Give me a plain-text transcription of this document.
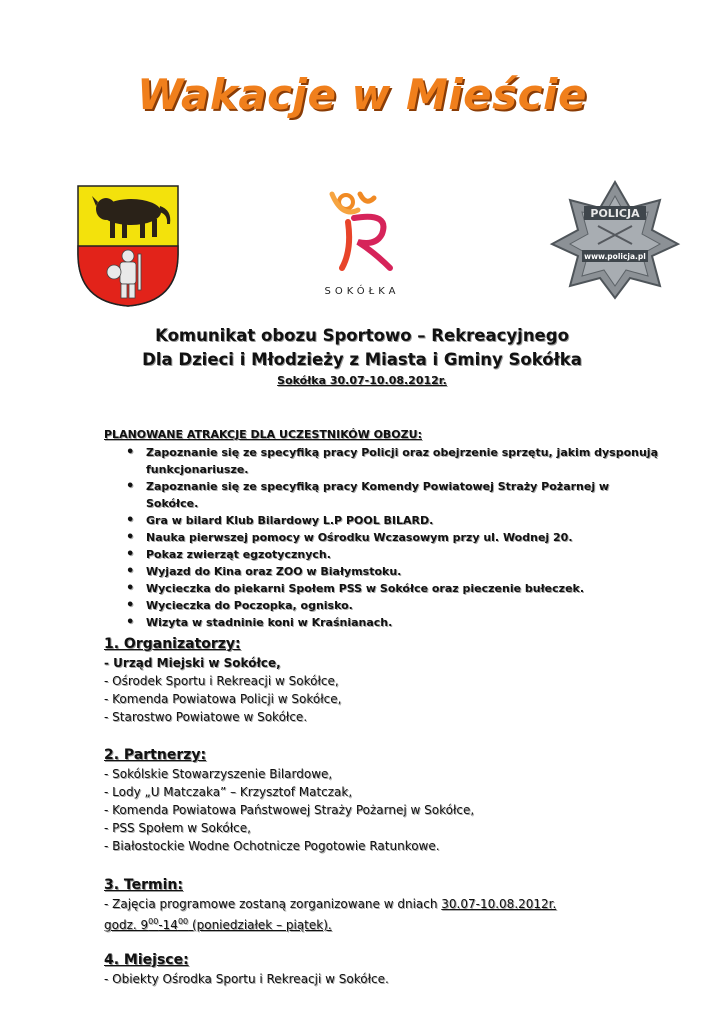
Wakacje w Mieście
SOKÓŁKA
POLICJA
www.policja.pl
Komunikat obozu Sportowo – Rekreacyjnego
Dla Dzieci i Młodzieży z Miasta i Gminy Sokółka
Sokółka 30.07-10.08.2012r.
PLANOWANE ATRAKCJE DLA UCZESTNIKÓW OBOZU:
• Zapoznanie się ze specyfiką pracy Policji oraz obejrzenie sprzętu, jakim dysponują funkcjonariusze.
• Zapoznanie się ze specyfiką pracy Komendy Powiatowej Straży Pożarnej w Sokółce.
• Gra w bilard Klub Bilardowy L.P POOL BILARD.
• Nauka pierwszej pomocy w Ośrodku Wczasowym przy ul. Wodnej 20.
• Pokaz zwierząt egzotycznych.
• Wyjazd do Kina oraz ZOO w Białymstoku.
• Wycieczka do piekarni Społem PSS w Sokółce oraz pieczenie bułeczek.
• Wycieczka do Poczopka, ognisko.
• Wizyta w stadninie koni w Kraśnianach.
1. Organizatorzy:
- Urząd Miejski w Sokółce,
- Ośrodek Sportu i Rekreacji w Sokółce,
- Komenda Powiatowa Policji w Sokółce,
- Starostwo Powiatowe w Sokółce.
2. Partnerzy:
- Sokólskie Stowarzyszenie Bilardowe,
- Lody „U Matczaka” – Krzysztof Matczak,
- Komenda Powiatowa Państwowej Straży Pożarnej w Sokółce,
- PSS Społem w Sokółce,
- Białostockie Wodne Ochotnicze Pogotowie Ratunkowe.
3. Termin:
- Zajęcia programowe zostaną zorganizowane w dniach 30.07-10.08.2012r.
godz. $9^{00}-14^{00}$ (poniedziałek – piątek).
4. Miejsce:
- Obiekty Ośrodka Sportu i Rekreacji w Sokółce.
